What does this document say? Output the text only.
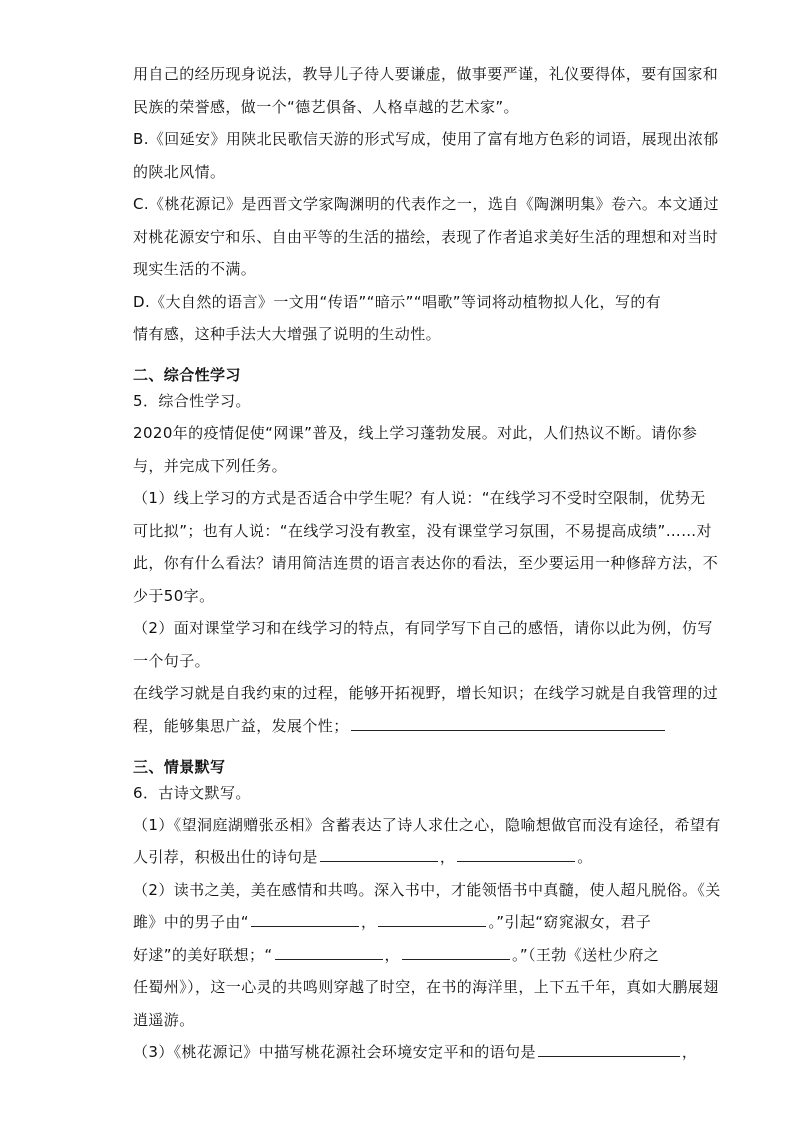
用自己的经历现身说法，教导儿子待人要谦虚，做事要严谨，礼仪要得体，要有国家和
民族的荣誉感，做一个“德艺俱备、人格卓越的艺术家”。
B.《回延安》用陕北民歌信天游的形式写成，使用了富有地方色彩的词语，展现出浓郁
的陕北风情。
C.《桃花源记》是西晋文学家陶渊明的代表作之一，选自《陶渊明集》卷六。本文通过
对桃花源安宁和乐、自由平等的生活的描绘，表现了作者追求美好生活的理想和对当时
现实生活的不满。
D.《大自然的语言》一文用“传语”“暗示”“唱歌”等词将动植物拟人化，写的有
情有感，这种手法大大增强了说明的生动性。
二、综合性学习
5．综合性学习。
2020年的疫情促使“网课”普及，线上学习蓬勃发展。对此，人们热议不断。请你参
与，并完成下列任务。
（1）线上学习的方式是否适合中学生呢？有人说：“在线学习不受时空限制，优势无
可比拟”；也有人说：“在线学习没有教室，没有课堂学习氛围，不易提高成绩”……对
此，你有什么看法？请用简洁连贯的语言表达你的看法，至少要运用一种修辞方法，不
少于50字。
（2）面对课堂学习和在线学习的特点，有同学写下自己的感悟，请你以此为例，仿写
一个句子。
在线学习就是自我约束的过程，能够开拓视野，增长知识；在线学习就是自我管理的过
程，能够集思广益，发展个性；
三、情景默写
6．古诗文默写。
（1）《望洞庭湖赠张丞相》含蓄表达了诗人求仕之心，隐喻想做官而没有途径，希望有
人引荐，积极出仕的诗句是	，	。
（2）读书之美，美在感情和共鸣。深入书中，才能领悟书中真髓，使人超凡脱俗。《关
雎》中的男子由“	，	。”引起“窈窕淑女，君子
好逑”的美好联想；“	，	。”（王勃《送杜少府之
任蜀州》），这一心灵的共鸣则穿越了时空，在书的海洋里，上下五千年，真如大鹏展翅
逍遥游。
（3）《桃花源记》中描写桃花源社会环境安定平和的语句是	，
